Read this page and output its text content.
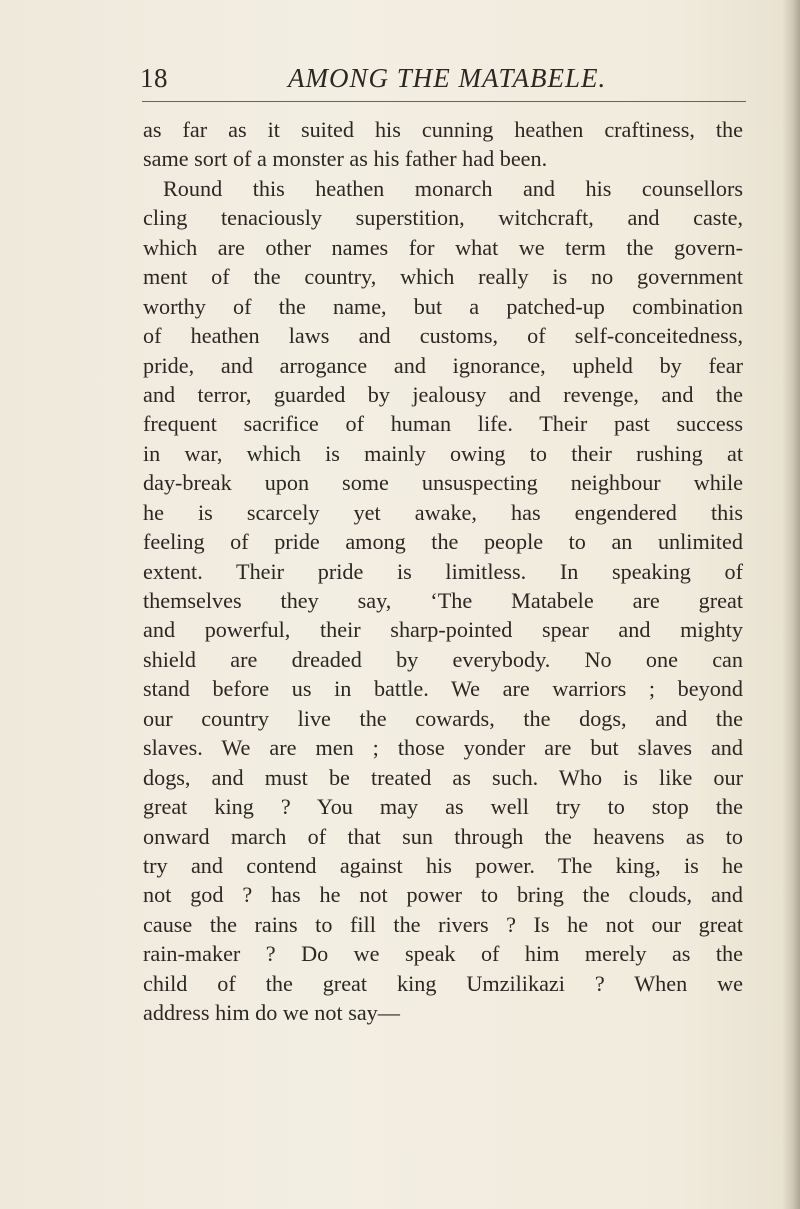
18	AMONG THE MATABELE.
as far as it suited his cunning heathen craftiness, the
same sort of a monster as his father had been.
Round this heathen monarch and his counsellors
cling tenaciously superstition, witchcraft, and caste,
which are other names for what we term the govern-
ment of the country, which really is no government
worthy of the name, but a patched-up combination
of heathen laws and customs, of self-conceitedness,
pride, and arrogance and ignorance, upheld by fear
and terror, guarded by jealousy and revenge, and the
frequent sacrifice of human life. Their past success
in war, which is mainly owing to their rushing at
day-break upon some unsuspecting neighbour while
he is scarcely yet awake, has engendered this
feeling of pride among the people to an unlimited
extent. Their pride is limitless. In speaking of
themselves they say, ‘The Matabele are great
and powerful, their sharp-pointed spear and mighty
shield are dreaded by everybody. No one can
stand before us in battle. We are warriors ; beyond
our country live the cowards, the dogs, and the
slaves. We are men ; those yonder are but slaves and
dogs, and must be treated as such. Who is like our
great king ? You may as well try to stop the
onward march of that sun through the heavens as to
try and contend against his power. The king, is he
not god ? has he not power to bring the clouds, and
cause the rains to fill the rivers ? Is he not our great
rain-maker ? Do we speak of him merely as the
child of the great king Umzilikazi ? When we
address him do we not say—
